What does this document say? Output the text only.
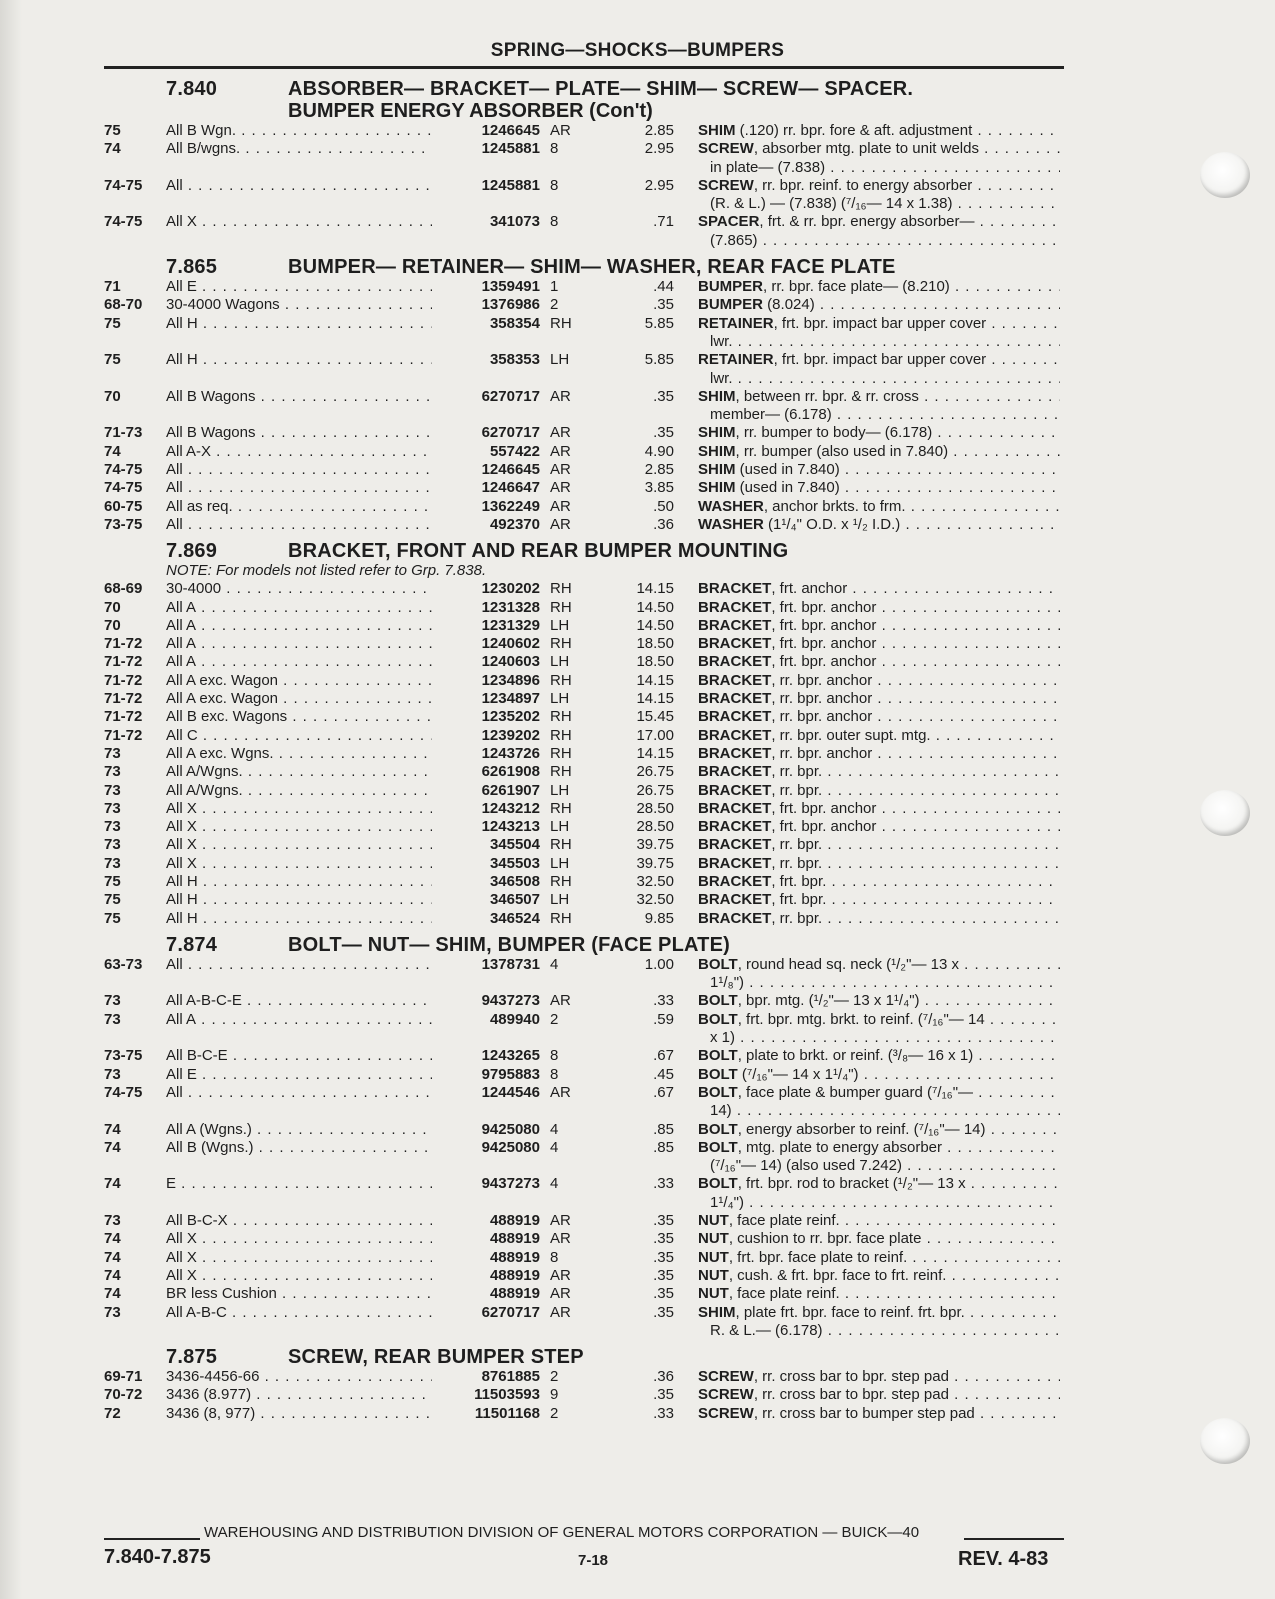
SPRING—SHOCKS—BUMPERS
7.840	ABSORBER— BRACKET— PLATE— SHIM— SCREW— SPACER.
BUMPER ENERGY ABSORBER (Con't)
75	All B Wgn. . . .	1246645 AR	2.85 SHIM (.120) rr. bpr. fore & aft. adjustment . . .
74	All B/wgns. . . .	1245881 8	2.95 SCREW, absorber mtg. plate to unit welds . . .
in plate— (7.838) . . .
74-75 All . . .	1245881 8	2.95 SCREW, rr. bpr. reinf. to energy absorber . . .
(R. & L.) — (7.838) (⁷/₁₆— 14 x 1.38) . . .
74-75 All X . . .	341073 8	.71 SPACER, frt. & rr. bpr. energy absorber— . . .
(7.865) . . .
7.865	BUMPER— RETAINER— SHIM— WASHER, REAR FACE PLATE
71	All E . . .	1359491 1	.44 BUMPER, rr. bpr. face plate— (8.210) . . .
68-70 30-4000 Wagons . . .	1376986 2	.35 BUMPER (8.024) . . .
75	All H . . .	358354 RH	5.85 RETAINER, frt. bpr. impact bar upper cover . . .
lwr. . . .
75	All H . . .	358353 LH	5.85 RETAINER, frt. bpr. impact bar upper cover . . .
lwr. . . .
70	All B Wagons . . .	6270717 AR	.35 SHIM, between rr. bpr. & rr. cross . . .
member— (6.178) . . .
71-73 All B Wagons . . .	6270717 AR	.35 SHIM, rr. bumper to body— (6.178) . . .
74	All A-X . . .	557422 AR	4.90 SHIM, rr. bumper (also used in 7.840) . . .
74-75 All . . .	1246645 AR	2.85 SHIM (used in 7.840) . . .
74-75 All . . .	1246647 AR	3.85 SHIM (used in 7.840) . . .
60-75 All as req. . . .	1362249 AR	.50 WASHER, anchor brkts. to frm. . . .
73-75 All . . .	492370 AR	.36 WASHER (1¹/₄" O.D. x ¹/₂ I.D.) . . .
7.869	BRACKET, FRONT AND REAR BUMPER MOUNTING
NOTE: For models not listed refer to Grp. 7.838.
68-69 30-4000 . . .	1230202 RH	14.15 BRACKET, frt. anchor . . .
70	All A . . .	1231328 RH	14.50 BRACKET, frt. bpr. anchor . . .
70	All A . . .	1231329 LH	14.50 BRACKET, frt. bpr. anchor . . .
71-72 All A . . .	1240602 RH	18.50 BRACKET, frt. bpr. anchor . . .
71-72 All A . . .	1240603 LH	18.50 BRACKET, frt. bpr. anchor . . .
71-72 All A exc. Wagon . . .	1234896 RH	14.15 BRACKET, rr. bpr. anchor . . .
71-72 All A exc. Wagon . . .	1234897 LH	14.15 BRACKET, rr. bpr. anchor . . .
71-72 All B exc. Wagons . . .	1235202 RH	15.45 BRACKET, rr. bpr. anchor . . .
71-72 All C . . .	1239202 RH	17.00 BRACKET, rr. bpr. outer supt. mtg. . . .
73	All A exc. Wgns. . . .	1243726 RH	14.15 BRACKET, rr. bpr. anchor . . .
73	All A/Wgns. . . .	6261908 RH	26.75 BRACKET, rr. bpr. . . .
73	All A/Wgns. . . .	6261907 LH	26.75 BRACKET, rr. bpr. . . .
73	All X . . .	1243212 RH	28.50 BRACKET, frt. bpr. anchor . . .
73	All X . . .	1243213 LH	28.50 BRACKET, frt. bpr. anchor . . .
73	All X . . .	345504 RH	39.75 BRACKET, rr. bpr. . . .
73	All X . . .	345503 LH	39.75 BRACKET, rr. bpr. . . .
75	All H . . .	346508 RH	32.50 BRACKET, frt. bpr. . . .
75	All H . . .	346507 LH	32.50 BRACKET, frt. bpr. . . .
75	All H . . .	346524 RH	9.85 BRACKET, rr. bpr. . . .
7.874	BOLT— NUT— SHIM, BUMPER (FACE PLATE)
63-73 All . . .	1378731 4	1.00 BOLT, round head sq. neck (¹/₂"— 13 x . . .
1¹/₈") . . .
73	All A-B-C-E . . .	9437273 AR	.33 BOLT, bpr. mtg. (¹/₂"— 13 x 1¹/₄") . . .
73	All A . . .	489940 2	.59 BOLT, frt. bpr. mtg. brkt. to reinf. (⁷/₁₆"— 14 . . .
x 1) . . .
73-75 All B-C-E . . .	1243265 8	.67 BOLT, plate to brkt. or reinf. (³/₈— 16 x 1) . . .
73	All E . . .	9795883 8	.45 BOLT (⁷/₁₆"— 14 x 1¹/₄") . . .
74-75 All . . .	1244546 AR	.67 BOLT, face plate & bumper guard (⁷/₁₆"— . . .
14) . . .
74	All A (Wgns.) . . .	9425080 4	.85 BOLT, energy absorber to reinf. (⁷/₁₆"— 14) . . .
74	All B (Wgns.) . . .	9425080 4	.85 BOLT, mtg. plate to energy absorber . . .
(⁷/₁₆"— 14) (also used 7.242) . . .
74	E . . .	9437273 4	.33 BOLT, frt. bpr. rod to bracket (¹/₂"— 13 x . . .
1¹/₄") . . .
73	All B-C-X . . .	488919 AR	.35 NUT, face plate reinf. . . .
74	All X . . .	488919 AR	.35 NUT, cushion to rr. bpr. face plate . . .
74	All X . . .	488919 8	.35 NUT, frt. bpr. face plate to reinf. . . .
74	All X . . .	488919 AR	.35 NUT, cush. & frt. bpr. face to frt. reinf. . . .
74	BR less Cushion . . .	488919 AR	.35 NUT, face plate reinf. . . .
73	All A-B-C . . .	6270717 AR	.35 SHIM, plate frt. bpr. face to reinf. frt. bpr. . . .
R. & L.— (6.178) . . .
7.875	SCREW, REAR BUMPER STEP
69-71 3436-4456-66 . . .	8761885 2	.36 SCREW, rr. cross bar to bpr. step pad . . .
70-72 3436 (8.977) . . .	11503593 9	.35 SCREW, rr. cross bar to bpr. step pad . . .
72	3436 (8, 977) . . .	11501168 2	.33 SCREW, rr. cross bar to bumper step pad . . .
WAREHOUSING AND DISTRIBUTION DIVISION OF GENERAL MOTORS CORPORATION — BUICK—40
7.840-7.875	7-18	REV. 4-83
